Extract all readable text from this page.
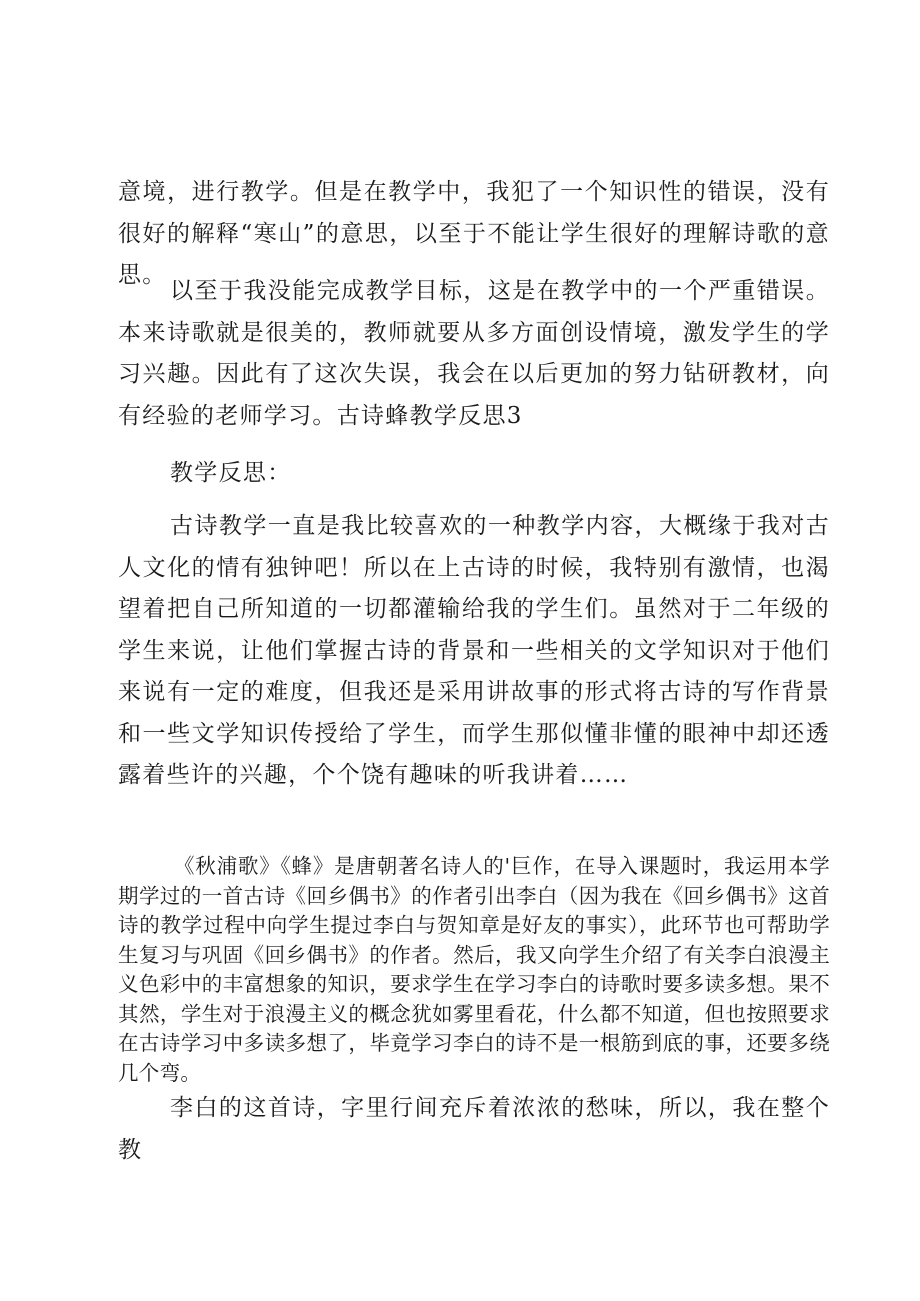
意境，进行教学。但是在教学中，我犯了一个知识性的错误，没有很好的解释“寒山”的意思，以至于不能让学生很好的理解诗歌的意思。

以至于我没能完成教学目标，这是在教学中的一个严重错误。本来诗歌就是很美的，教师就要从多方面创设情境，激发学生的学习兴趣。因此有了这次失误，我会在以后更加的努力钻研教材，向有经验的老师学习。古诗蜂教学反思3

教学反思：

古诗教学一直是我比较喜欢的一种教学内容，大概缘于我对古人文化的情有独钟吧！所以在上古诗的时候，我特别有激情，也渴望着把自己所知道的一切都灌输给我的学生们。虽然对于二年级的学生来说，让他们掌握古诗的背景和一些相关的文学知识对于他们来说有一定的难度，但我还是采用讲故事的形式将古诗的写作背景和一些文学知识传授给了学生，而学生那似懂非懂的眼神中却还透露着些许的兴趣，个个饶有趣味的听我讲着……

《秋浦歌》《蜂》是唐朝著名诗人的'巨作，在导入课题时，我运用本学期学过的一首古诗《回乡偶书》的作者引出李白（因为我在《回乡偶书》这首诗的教学过程中向学生提过李白与贺知章是好友的事实），此环节也可帮助学生复习与巩固《回乡偶书》的作者。然后，我又向学生介绍了有关李白浪漫主义色彩中的丰富想象的知识，要求学生在学习李白的诗歌时要多读多想。果不其然，学生对于浪漫主义的概念犹如雾里看花，什么都不知道，但也按照要求在古诗学习中多读多想了，毕竟学习李白的诗不是一根筋到底的事，还要多绕几个弯。

李白的这首诗，字里行间充斥着浓浓的愁味，所以，我在整个教
